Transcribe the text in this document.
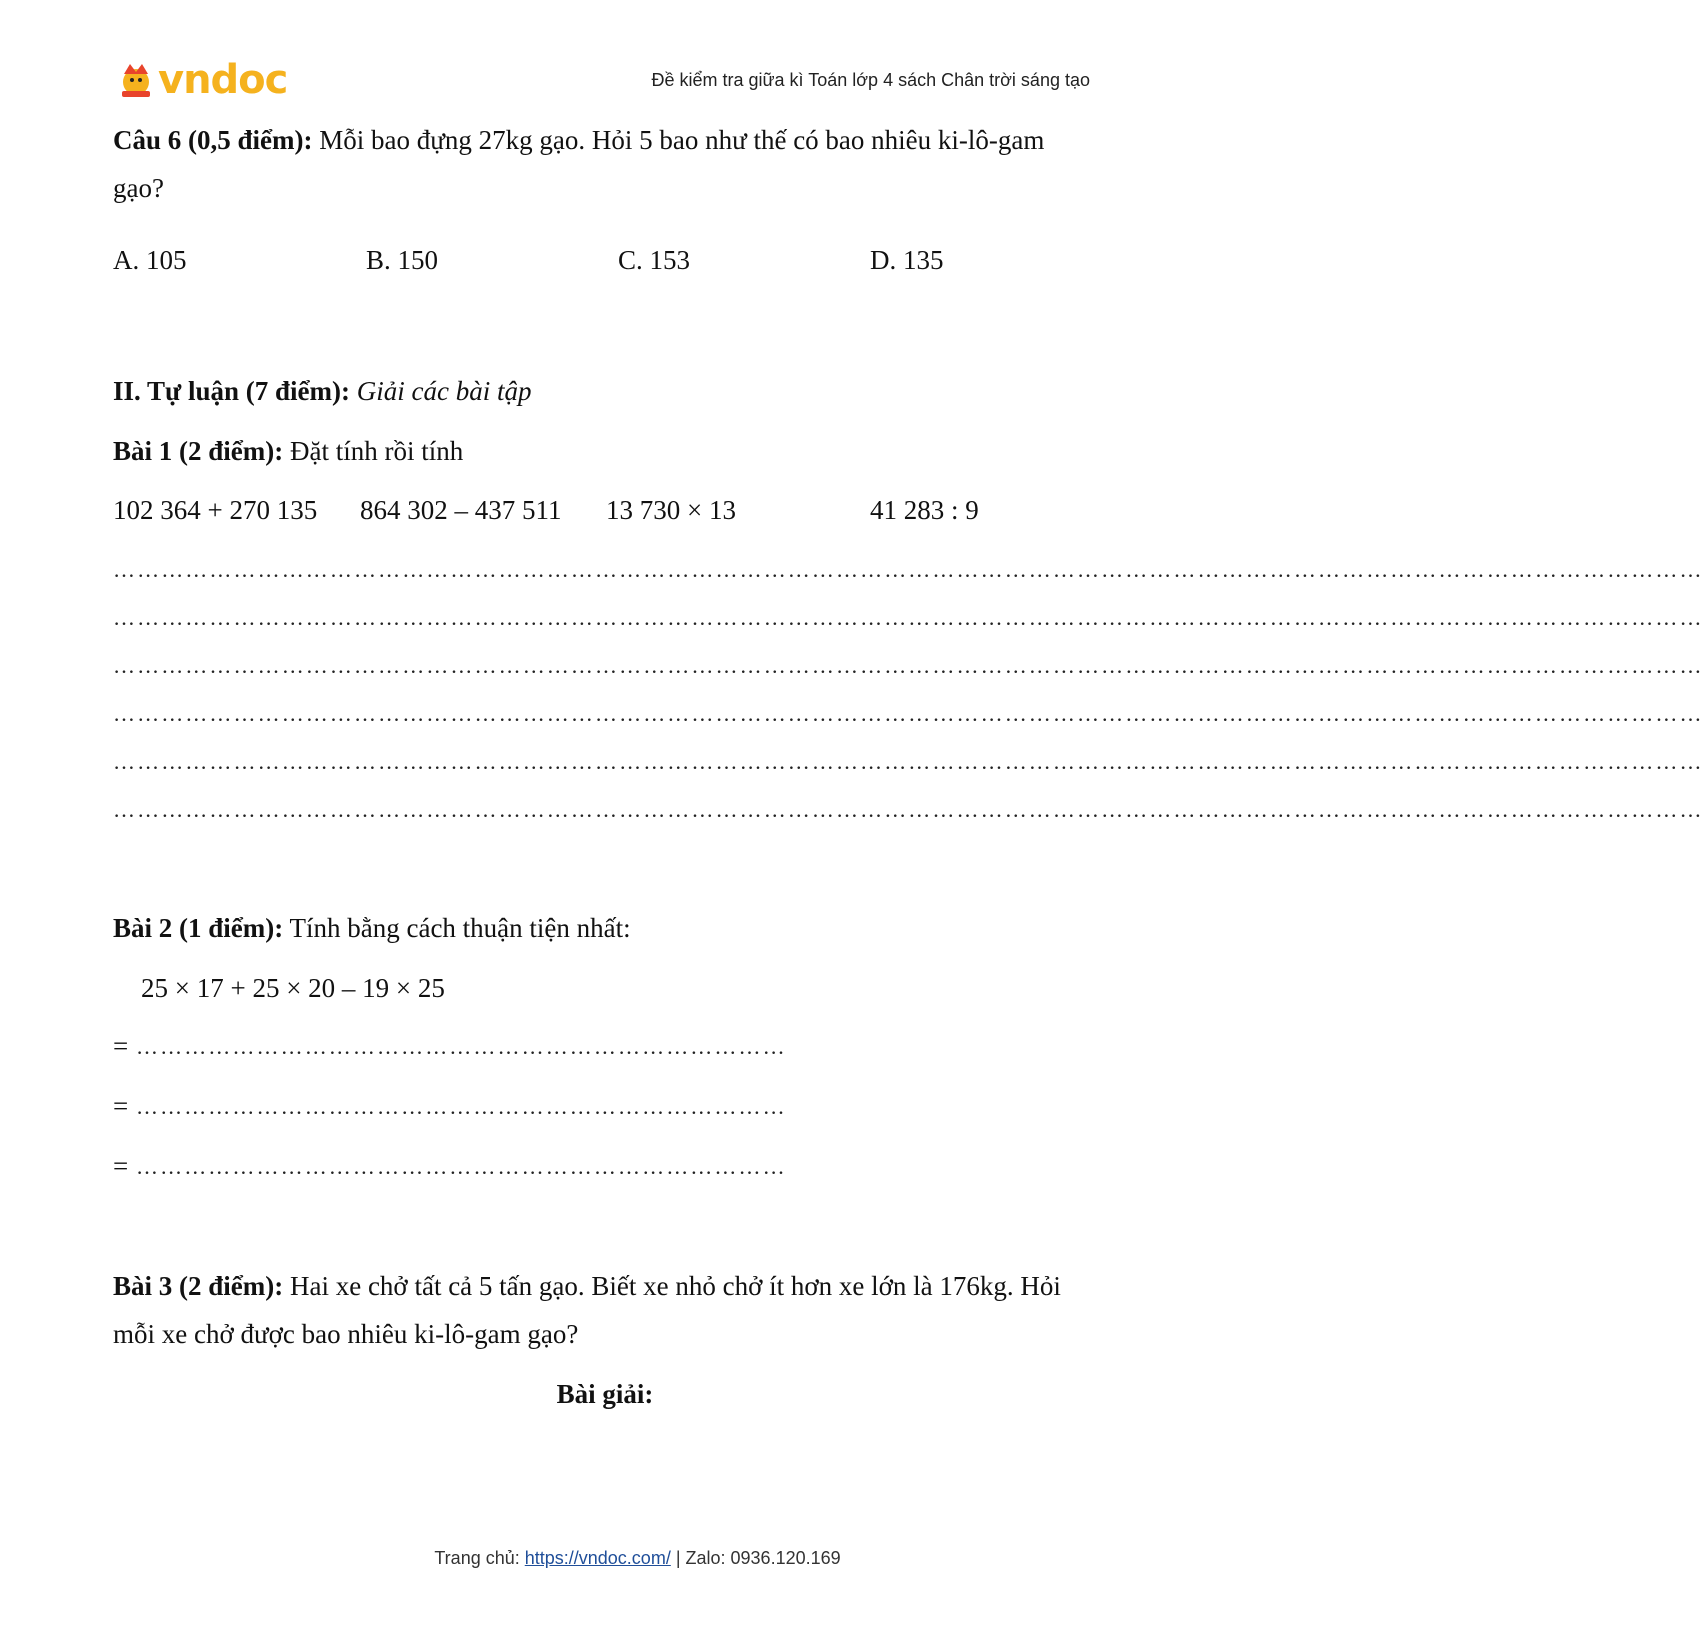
vndoc	Đề kiểm tra giữa kì Toán lớp 4 sách Chân trời sáng tạo
Câu 6 (0,5 điểm): Mỗi bao đựng 27kg gạo. Hỏi 5 bao như thế có bao nhiêu ki-lô-gam
gạo?
A. 105	B. 150	C. 153	D. 135
II. Tự luận (7 điểm): Giải các bài tập
Bài 1 (2 điểm): Đặt tính rồi tính
102 364 + 270 135 864 302 – 437 511 13 730 × 13	41 283 : 9
………………………………………………………………………………………………………………………………………………………………………………
………………………………………………………………………………………………………………………………………………………………………………
………………………………………………………………………………………………………………………………………………………………………………
………………………………………………………………………………………………………………………………………………………………………………
………………………………………………………………………………………………………………………………………………………………………………
………………………………………………………………………………………………………………………………………………………………………………
Bài 2 (1 điểm): Tính bằng cách thuận tiện nhất:
25 × 17 + 25 × 20 – 19 × 25
= ………………………………………………………………………
= ………………………………………………………………………
= ………………………………………………………………………
Bài 3 (2 điểm): Hai xe chở tất cả 5 tấn gạo. Biết xe nhỏ chở ít hơn xe lớn là 176kg. Hỏi
mỗi xe chở được bao nhiêu ki-lô-gam gạo?
Bài giải:
Trang chủ: https://vndoc.com/ | Zalo: 0936.120.169
